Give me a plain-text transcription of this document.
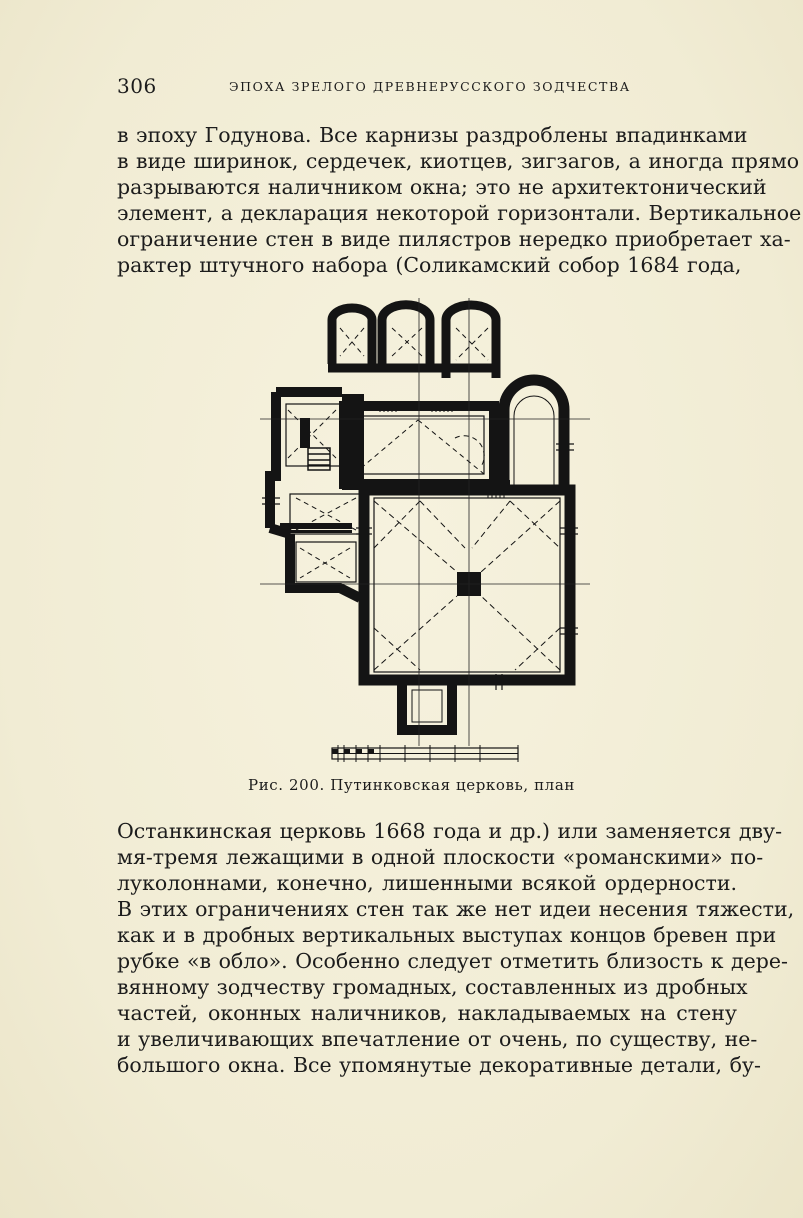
306	ЭПОХА ЗРЕЛОГО ДРЕВНЕРУССКОГО ЗОДЧЕСТВА
в эпоху Годунова. Все карнизы раздроблены впадинками
в виде ширинок, сердечек, киотцев, зигзагов, а иногда прямо
разрываются наличником окна; это не архитектонический
элемент, а декларация некоторой горизонтали. Вертикальное
ограничение стен в виде пилястров нередко приобретает ха-
рактер штучного набора (Соликамский собор 1684 года,
Рис. 200. Путинковская церковь, план
Останкинская церковь 1668 года и др.) или заменяется дву-
мя-тремя лежащими в одной плоскости «романскими» по-
луколоннами, конечно, лишенными всякой ордерности.
В этих ограничениях стен так же нет идеи несения тяжести,
как и в дробных вертикальных выступах концов бревен при
рубке «в обло». Особенно следует отметить близость к дере-
вянному зодчеству громадных, составленных из дробных
частей, оконных наличников, накладываемых на стену
и увеличивающих впечатление от очень, по существу, не-
большого окна. Все упомянутые декоративные детали, бу-
